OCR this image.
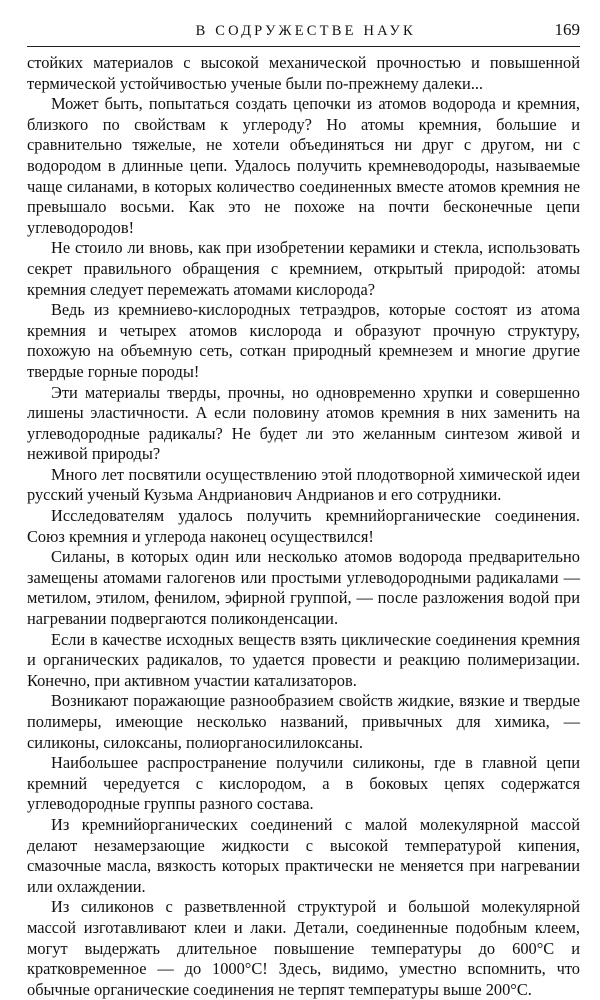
В СОДРУЖЕСТВЕ НАУК	169

стойких материалов с высокой механической прочностью и повышенной термической устойчивостью ученые были по-прежнему далеки...

Может быть, попытаться создать цепочки из атомов водорода и кремния, близкого по свойствам к углероду? Но атомы кремния, большие и сравнительно тяжелые, не хотели объединяться ни друг с другом, ни с водородом в длинные цепи. Удалось получить кремневодороды, называемые чаще силанами, в которых количество соединенных вместе атомов кремния не превышало восьми. Как это не похоже на почти бесконечные цепи углеводородов!

Не стоило ли вновь, как при изобретении керамики и стекла, использовать секрет правильного обращения с кремнием, открытый природой: атомы кремния следует перемежать атомами кислорода?

Ведь из кремниево-кислородных тетраэдров, которые состоят из атома кремния и четырех атомов кислорода и образуют прочную структуру, похожую на объемную сеть, соткан природный кремнезем и многие другие твердые горные породы!

Эти материалы тверды, прочны, но одновременно хрупки и совершенно лишены эластичности. А если половину атомов кремния в них заменить на углеводородные радикалы? Не будет ли это желанным синтезом живой и неживой природы?

Много лет посвятили осуществлению этой плодотворной химической идеи русский ученый Кузьма Андрианович Андрианов и его сотрудники.

Исследователям удалось получить кремнийорганические соединения. Союз кремния и углерода наконец осуществился!

Силаны, в которых один или несколько атомов водорода предварительно замещены атомами галогенов или простыми углеводородными радикалами — метилом, этилом, фенилом, эфирной группой, — после разложения водой при нагревании подвергаются поликонденсации.

Если в качестве исходных веществ взять циклические соединения кремния и органических радикалов, то удается провести и реакцию полимеризации. Конечно, при активном участии катализаторов.

Возникают поражающие разнообразием свойств жидкие, вязкие и твердые полимеры, имеющие несколько названий, привычных для химика, — силиконы, силоксаны, полиорганосилилоксаны.

Наибольшее распространение получили силиконы, где в главной цепи кремний чередуется с кислородом, а в боковых цепях содержатся углеводородные группы разного состава.

Из кремнийорганических соединений с малой молекулярной массой делают незамерзающие жидкости с высокой температурой кипения, смазочные масла, вязкость которых практически не меняется при нагревании или охлаждении.

Из силиконов с разветвленной структурой и большой молекулярной массой изготавливают клеи и лаки. Детали, соединенные подобным клеем, могут выдержать длительное повышение температуры до 600°C и кратковременное — до 1000°C! Здесь, видимо, уместно вспомнить, что обычные органические соединения не терпят температуры выше 200°C.
